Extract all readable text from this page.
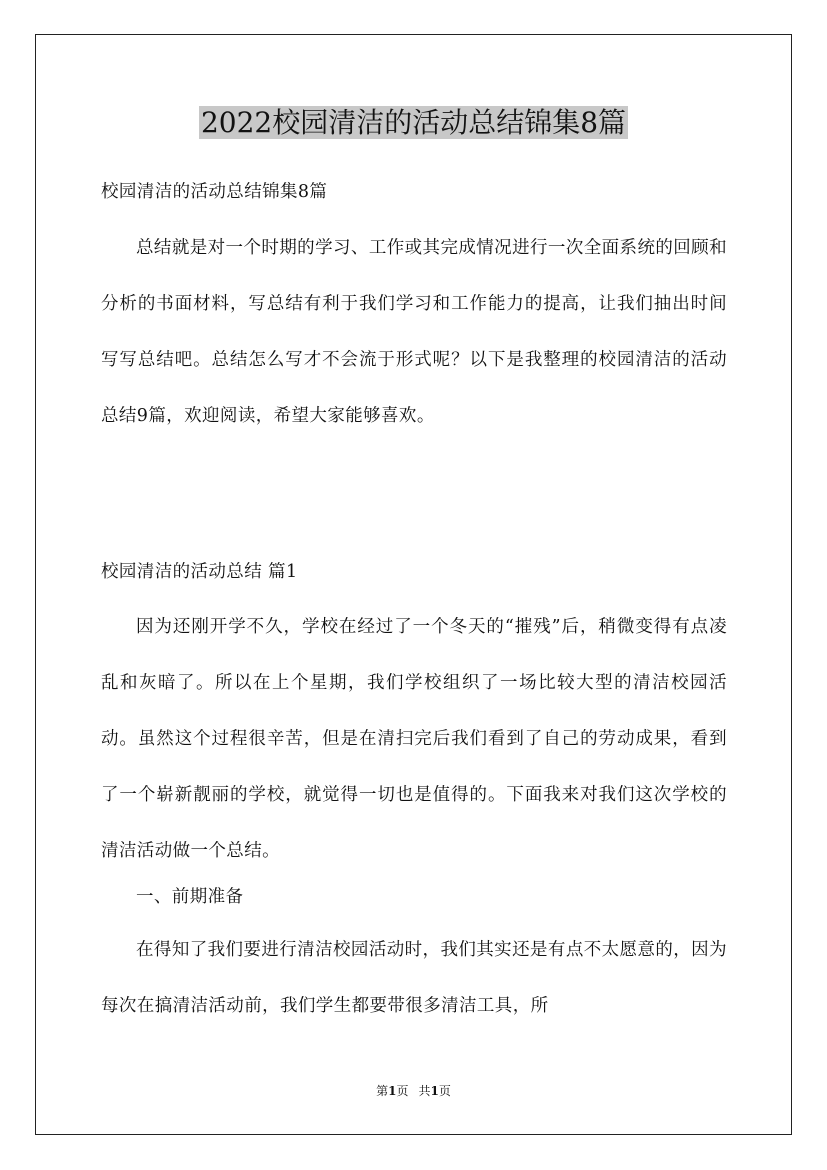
2022校园清洁的活动总结锦集8篇

校园清洁的活动总结锦集8篇

总结就是对一个时期的学习、工作或其完成情况进行一次全面系统的回顾和分析的书面材料，写总结有利于我们学习和工作能力的提高，让我们抽出时间写写总结吧。总结怎么写才不会流于形式呢？以下是我整理的校园清洁的活动总结9篇，欢迎阅读，希望大家能够喜欢。

校园清洁的活动总结 篇1

因为还刚开学不久，学校在经过了一个冬天的“摧残”后，稍微变得有点凌乱和灰暗了。所以在上个星期，我们学校组织了一场比较大型的清洁校园活动。虽然这个过程很辛苦，但是在清扫完后我们看到了自己的劳动成果，看到了一个崭新靓丽的学校，就觉得一切也是值得的。下面我来对我们这次学校的清洁活动做一个总结。

一、前期准备

在得知了我们要进行清洁校园活动时，我们其实还是有点不太愿意的，因为每次在搞清洁活动前，我们学生都要带很多清洁工具，所

第1页 共1页
